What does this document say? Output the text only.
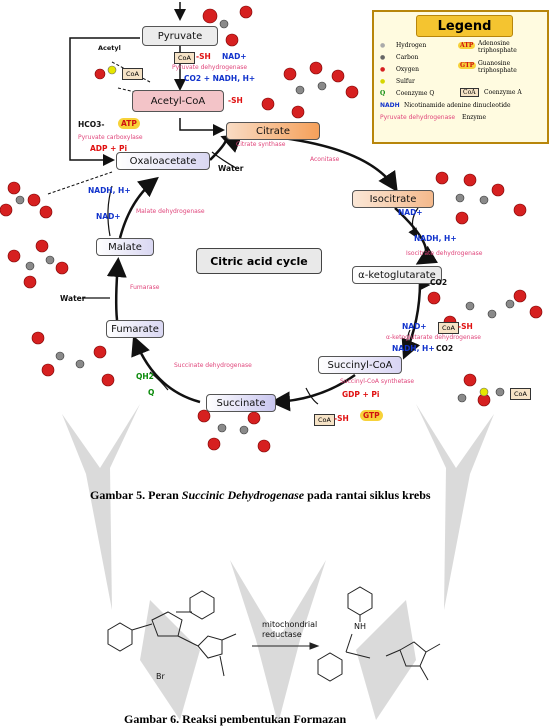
Pyruvate
Acetyl-CoA
Citrate
Isocitrate
α-ketoglutarate
Succinyl-CoA
Succinate
Fumarate
Malate
Oxaloacetate
Citric acid cycle
Pyruvate dehydrogenase
Pyruvate carboxylase
Citrate synthase
Aconitase
Isocitrate dehydrogenase
α-ketoglutarate dehydrogenase
Succinyl-CoA synthetase
Succinate dehydrogenase
Fumarase
Malate dehydrogenase
Acetyl
CoA -SH NAD+
CO2 + NADH, H+
CoA
-SH
HCO3-	ATP
ADP + Pi
Water
NADH, H+
NAD+	NAD+
NADH, H+
CO2
NAD+	CoA -SH
NADH, H+ CO2
GDP + Pi
CoA -SH	GTP
CoA
QH2
Q
Water
Legend
● Hydrogen
● Carbon
● Oxygen
● Sulfur
Q Coenzyme Q
NADH Nicotinamide adenine dinucleotide
Pyruvate dehydrogenase Enzyme
ATP Adenosine triphosphate
GTP Guanosine triphosphate
CoA	Coenzyme A
Gambar 5. Peran Succinic Dehydrogenase pada rantai siklus krebs
mitochondrial
reductase
Br
NH
Gambar 6. Reaksi pembentukan Formazan
